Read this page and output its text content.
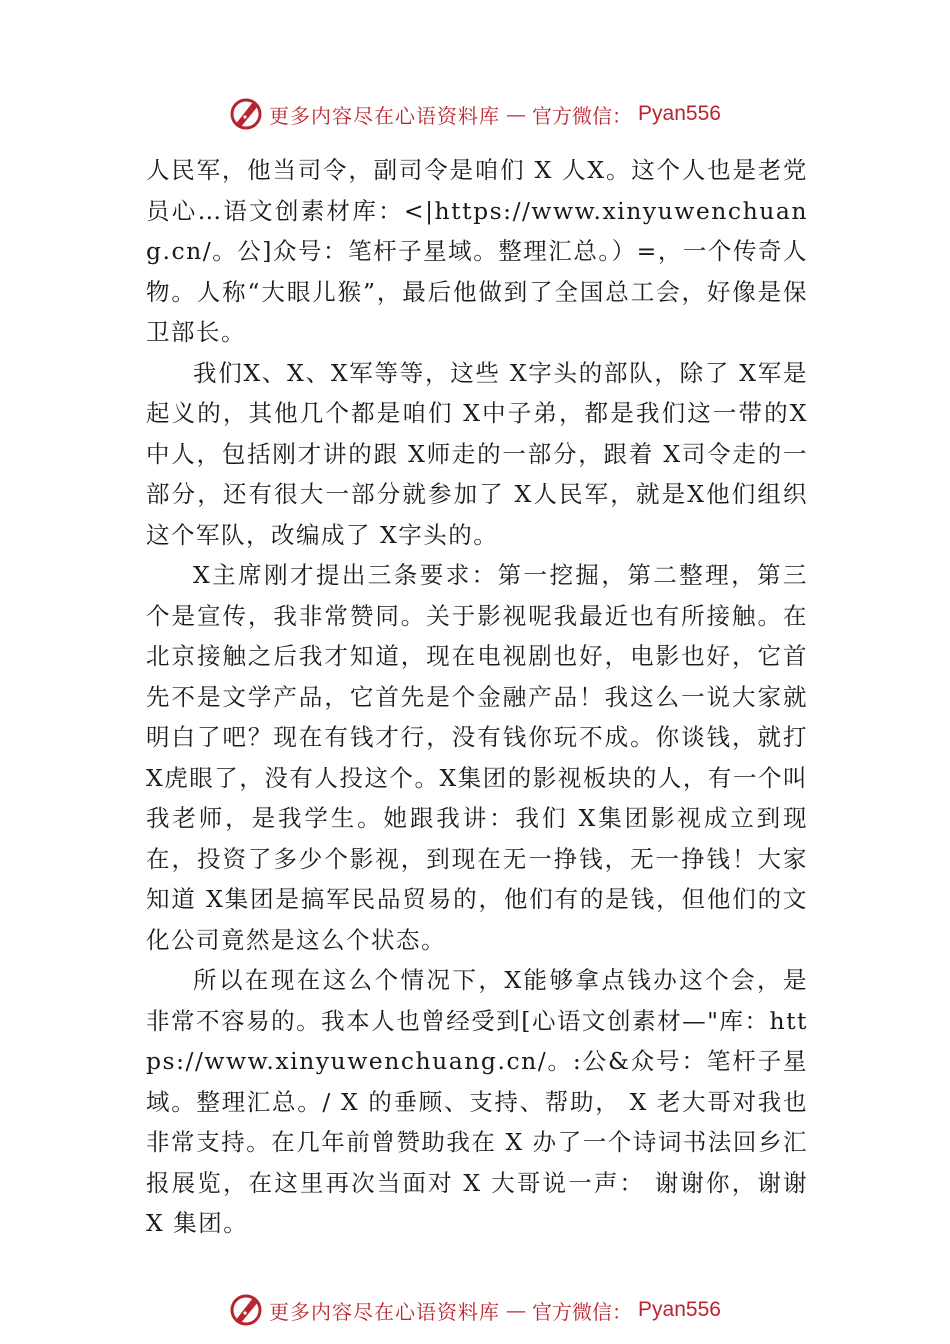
更多内容尽在心语资料库 — 官方微信： Pyan556

人民军，他当司令，副司令是咱们 X 人X。这个人也是老党员心…语文创素材库：<|https://www.xinyuwenchuang.cn/。公]众号：笔杆子星域。整理汇总。）=，一个传奇人物。人称“大眼儿猴”，最后他做到了全国总工会，好像是保卫部长。

我们X、X、X军等等，这些 X字头的部队，除了 X军是起义的，其他几个都是咱们 X中子弟，都是我们这一带的X中人，包括刚才讲的跟 X师走的一部分，跟着 X司令走的一部分，还有很大一部分就参加了 X人民军，就是X他们组织这个军队，改编成了 X字头的。

X主席刚才提出三条要求：第一挖掘，第二整理，第三个是宣传，我非常赞同。关于影视呢我最近也有所接触。在 北京接触之后我才知道，现在电视剧也好，电影也好，它首先不是文学产品，它首先是个金融产品！我这么一说大家就明白了吧？现在有钱才行，没有钱你玩不成。你谈钱，就打X虎眼了，没有人投这个。X集团的影视板块的人，有一个叫我老师，是我学生。她跟我讲：我们 X集团影视成立到现在，投资了多少个影视，到现在无一挣钱，无一挣钱！大家 知道 X集团是搞军民品贸易的，他们有的是钱，但他们的文化公司竟然是这么个状态。

所以在现在这么个情况下，X能够拿点钱办这个会，是非常不容易的。我本人也曾经受到[心语文创素材—"库：https://www.xinyuwenchuang.cn/。:公&众号：笔杆子星域。整理汇总。/ X 的垂顾、支持、帮助， X 老大哥对我也非常支持。在几年前曾赞助我在 X 办了一个诗词书法回乡汇报展览，在这里再次当面对 X 大哥说一声： 谢谢你，谢谢 X 集团。

更多内容尽在心语资料库 — 官方微信： Pyan556
